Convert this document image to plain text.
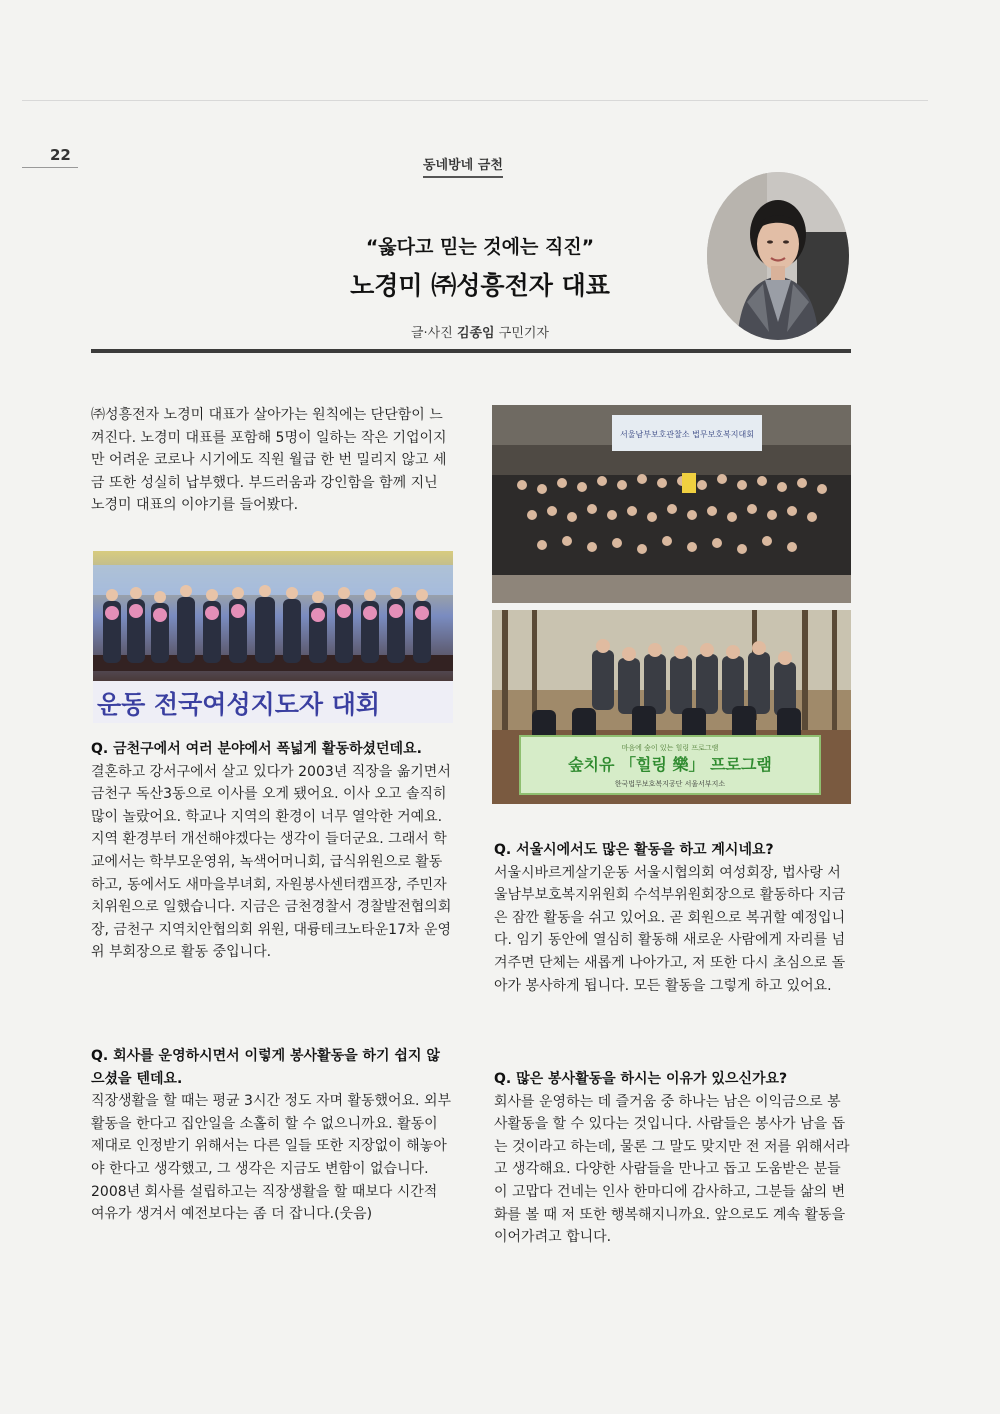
22
동네방네 금천
“옳다고 믿는 것에는 직진”
노경미 ㈜성흥전자 대표
글·사진 김종임 구민기자

㈜성흥전자 노경미 대표가 살아가는 원칙에는 단단함이 느껴진다. 노경미 대표를 포함해 5명이 일하는 작은 기업이지만 어려운 코로나 시기에도 직원 월급 한 번 밀리지 않고 세금 또한 성실히 납부했다. 부드러움과 강인함을 함께 지닌 노경미 대표의 이야기를 들어봤다.

운동 전국여성지도자 대회

Q. 금천구에서 여러 분야에서 폭넓게 활동하셨던데요.

결혼하고 강서구에서 살고 있다가 2003년 직장을 옮기면서 금천구 독산3동으로 이사를 오게 됐어요. 이사 오고 솔직히 많이 놀랐어요. 학교나 지역의 환경이 너무 열악한 거예요. 지역 환경부터 개선해야겠다는 생각이 들더군요. 그래서 학교에서는 학부모운영위, 녹색어머니회, 급식위원으로 활동하고, 동에서도 새마을부녀회, 자원봉사센터캠프장, 주민자치위원으로 일했습니다. 지금은 금천경찰서 경찰발전협의회장, 금천구 지역치안협의회 위원, 대륭테크노타운17차 운영위 부회장으로 활동 중입니다.

Q. 회사를 운영하시면서 이렇게 봉사활동을 하기 쉽지 않으셨을 텐데요.

직장생활을 할 때는 평균 3시간 정도 자며 활동했어요. 외부 활동을 한다고 집안일을 소홀히 할 수 없으니까요. 활동이 제대로 인정받기 위해서는 다른 일들 또한 지장없이 해놓아야 한다고 생각했고, 그 생각은 지금도 변함이 없습니다. 2008년 회사를 설립하고는 직장생활을 할 때보다 시간적 여유가 생겨서 예전보다는 좀 더 잡니다.(웃음)

서울남부보호관찰소 법무보호복지대회
마음에 숲이 있는 힐링 프로그램
숲치유 「힐링 樂」 프로그램
한국법무보호복지공단 서울서부지소

Q. 서울시에서도 많은 활동을 하고 계시네요?

서울시바르게살기운동 서울시협의회 여성회장, 법사랑 서울남부보호복지위원회 수석부위원회장으로 활동하다 지금은 잠깐 활동을 쉬고 있어요. 곧 회원으로 복귀할 예정입니다. 임기 동안에 열심히 활동해 새로운 사람에게 자리를 넘겨주면 단체는 새롭게 나아가고, 저 또한 다시 초심으로 돌아가 봉사하게 됩니다. 모든 활동을 그렇게 하고 있어요.

Q. 많은 봉사활동을 하시는 이유가 있으신가요?

회사를 운영하는 데 즐거움 중 하나는 남은 이익금으로 봉사활동을 할 수 있다는 것입니다. 사람들은 봉사가 남을 돕는 것이라고 하는데, 물론 그 말도 맞지만 전 저를 위해서라고 생각해요. 다양한 사람들을 만나고 돕고 도움받은 분들이 고맙다 건네는 인사 한마디에 감사하고, 그분들 삶의 변화를 볼 때 저 또한 행복해지니까요. 앞으로도 계속 활동을 이어가려고 합니다.
